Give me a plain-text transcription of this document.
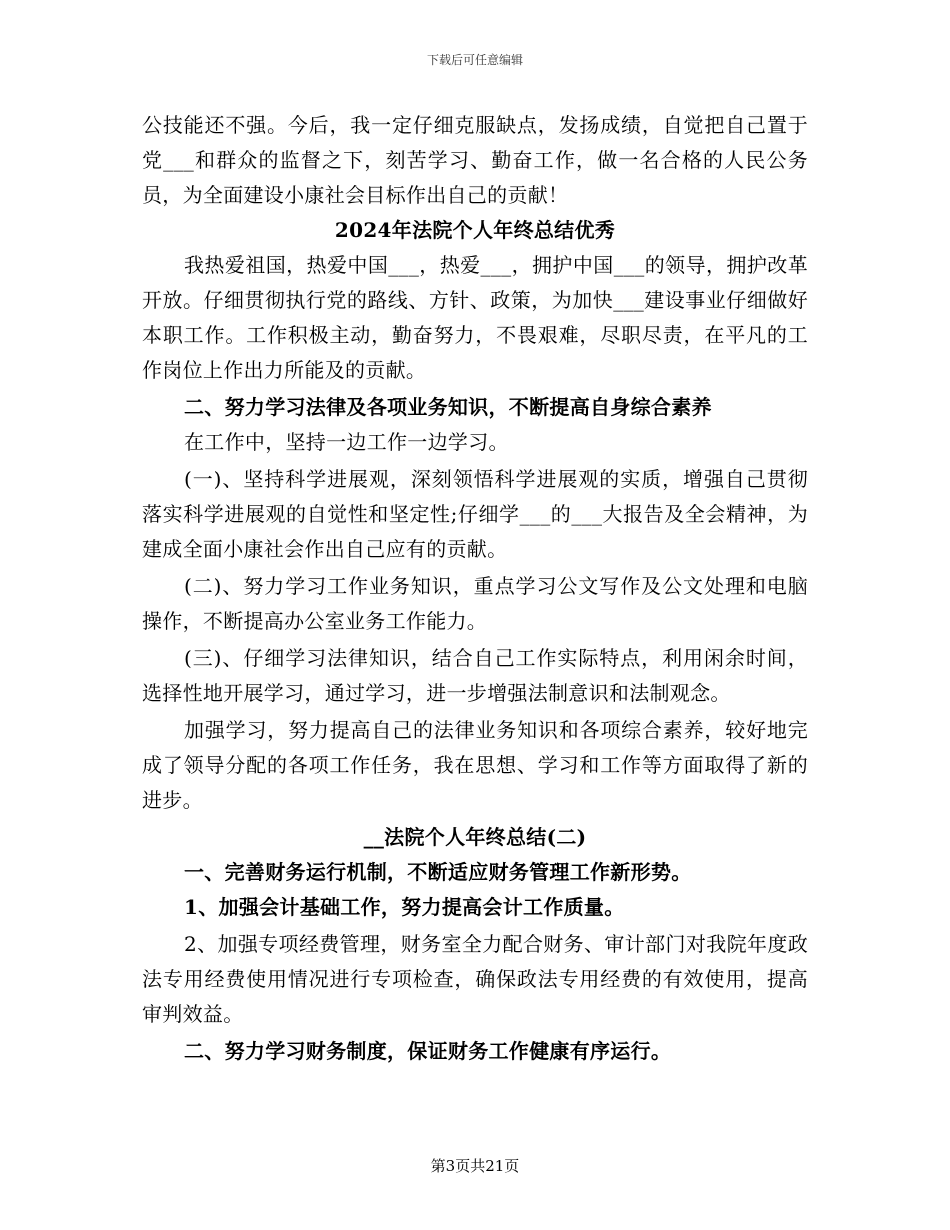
下载后可任意编辑

公技能还不强。今后，我一定仔细克服缺点，发扬成绩，自觉把自己置于党___和群众的监督之下，刻苦学习、勤奋工作，做一名合格的人民公务员，为全面建设小康社会目标作出自己的贡献！

2024年法院个人年终总结优秀

我热爱祖国，热爱中国___，热爱___，拥护中国___的领导，拥护改革开放。仔细贯彻执行党的路线、方针、政策，为加快___建设事业仔细做好本职工作。工作积极主动，勤奋努力，不畏艰难，尽职尽责，在平凡的工作岗位上作出力所能及的贡献。

二、努力学习法律及各项业务知识，不断提高自身综合素养

在工作中，坚持一边工作一边学习。

(一)、坚持科学进展观，深刻领悟科学进展观的实质，增强自己贯彻落实科学进展观的自觉性和坚定性;仔细学___的___大报告及全会精神，为建成全面小康社会作出自己应有的贡献。

(二)、努力学习工作业务知识，重点学习公文写作及公文处理和电脑操作，不断提高办公室业务工作能力。

(三)、仔细学习法律知识，结合自己工作实际特点，利用闲余时间，选择性地开展学习，通过学习，进一步增强法制意识和法制观念。

加强学习，努力提高自己的法律业务知识和各项综合素养，较好地完成了领导分配的各项工作任务，我在思想、学习和工作等方面取得了新的进步。

__法院个人年终总结(二)

一、完善财务运行机制，不断适应财务管理工作新形势。

1、加强会计基础工作，努力提高会计工作质量。

2、加强专项经费管理，财务室全力配合财务、审计部门对我院年度政法专用经费使用情况进行专项检查，确保政法专用经费的有效使用，提高审判效益。

二、努力学习财务制度，保证财务工作健康有序运行。

第3页共21页
